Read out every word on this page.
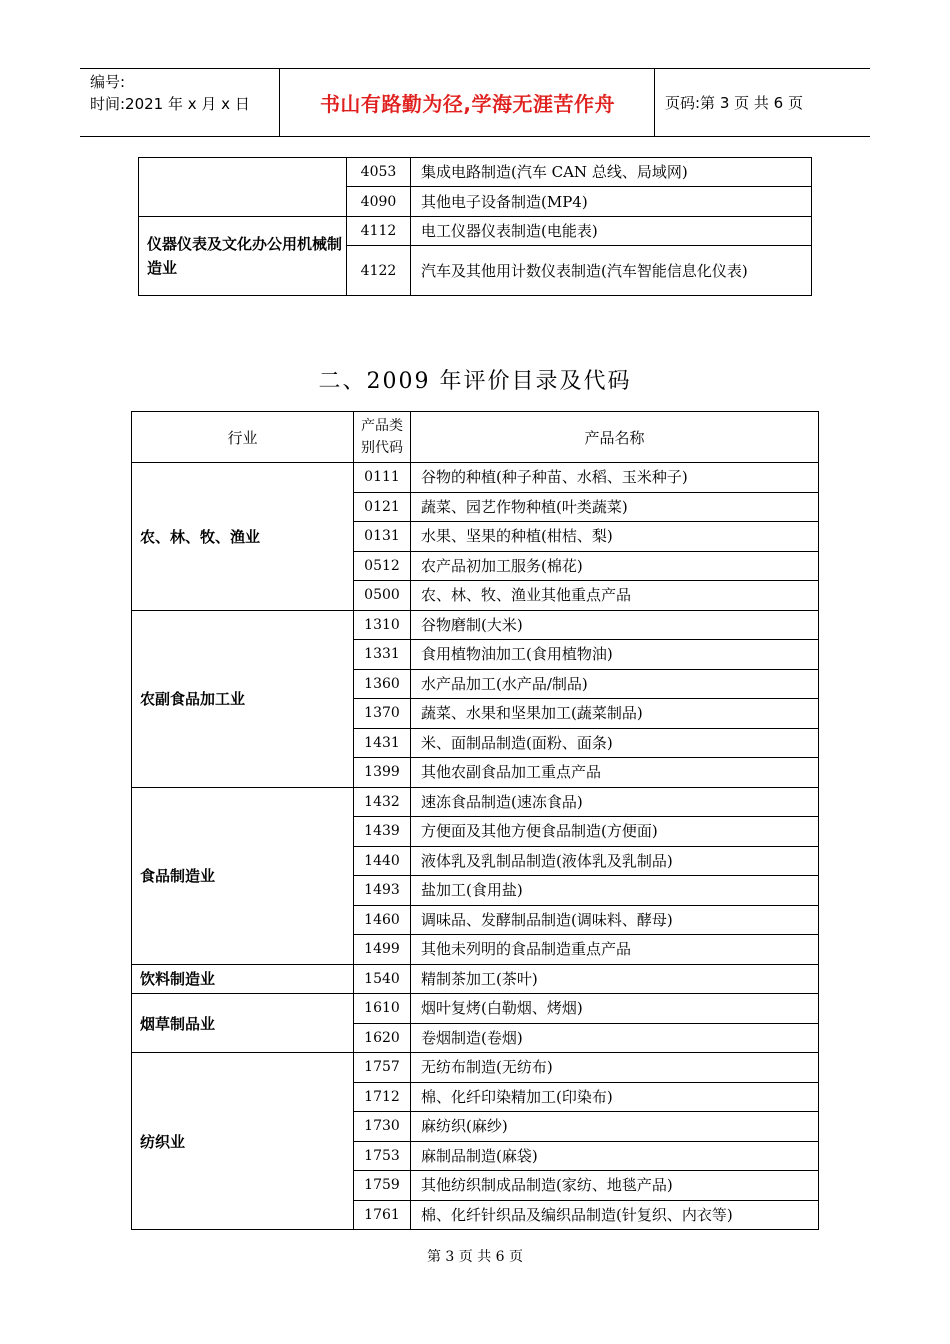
编号:
时间:2021 年 x 月 x 日	书山有路勤为径,学海无涯苦作舟	页码:第 3 页 共 6 页
	4053	集成电路制造(汽车 CAN 总线、局域网)
	4090	其他电子设备制造(MP4)
仪器仪表及文化办公用机械制造业	4112	电工仪器仪表制造(电能表)
	4122	汽车及其他用计数仪表制造(汽车智能信息化仪表)
二、2009 年评价目录及代码
行业	产品类别代码	产品名称
农、林、牧、渔业	0111	谷物的种植(种子种苗、水稻、玉米种子)
	0121	蔬菜、园艺作物种植(叶类蔬菜)
	0131	水果、坚果的种植(柑桔、梨)
	0512	农产品初加工服务(棉花)
	0500	农、林、牧、渔业其他重点产品
农副食品加工业	1310	谷物磨制(大米)
	1331	食用植物油加工(食用植物油)
	1360	水产品加工(水产品/制品)
	1370	蔬菜、水果和坚果加工(蔬菜制品)
	1431	米、面制品制造(面粉、面条)
	1399	其他农副食品加工重点产品
食品制造业	1432	速冻食品制造(速冻食品)
	1439	方便面及其他方便食品制造(方便面)
	1440	液体乳及乳制品制造(液体乳及乳制品)
	1493	盐加工(食用盐)
	1460	调味品、发酵制品制造(调味料、酵母)
	1499	其他未列明的食品制造重点产品
饮料制造业	1540	精制茶加工(茶叶)
烟草制品业	1610	烟叶复烤(白勒烟、烤烟)
	1620	卷烟制造(卷烟)
纺织业	1757	无纺布制造(无纺布)
	1712	棉、化纤印染精加工(印染布)
	1730	麻纺织(麻纱)
	1753	麻制品制造(麻袋)
	1759	其他纺织制成品制造(家纺、地毯产品)
	1761	棉、化纤针织品及编织品制造(针复织、内衣等)
第 3 页 共 6 页
